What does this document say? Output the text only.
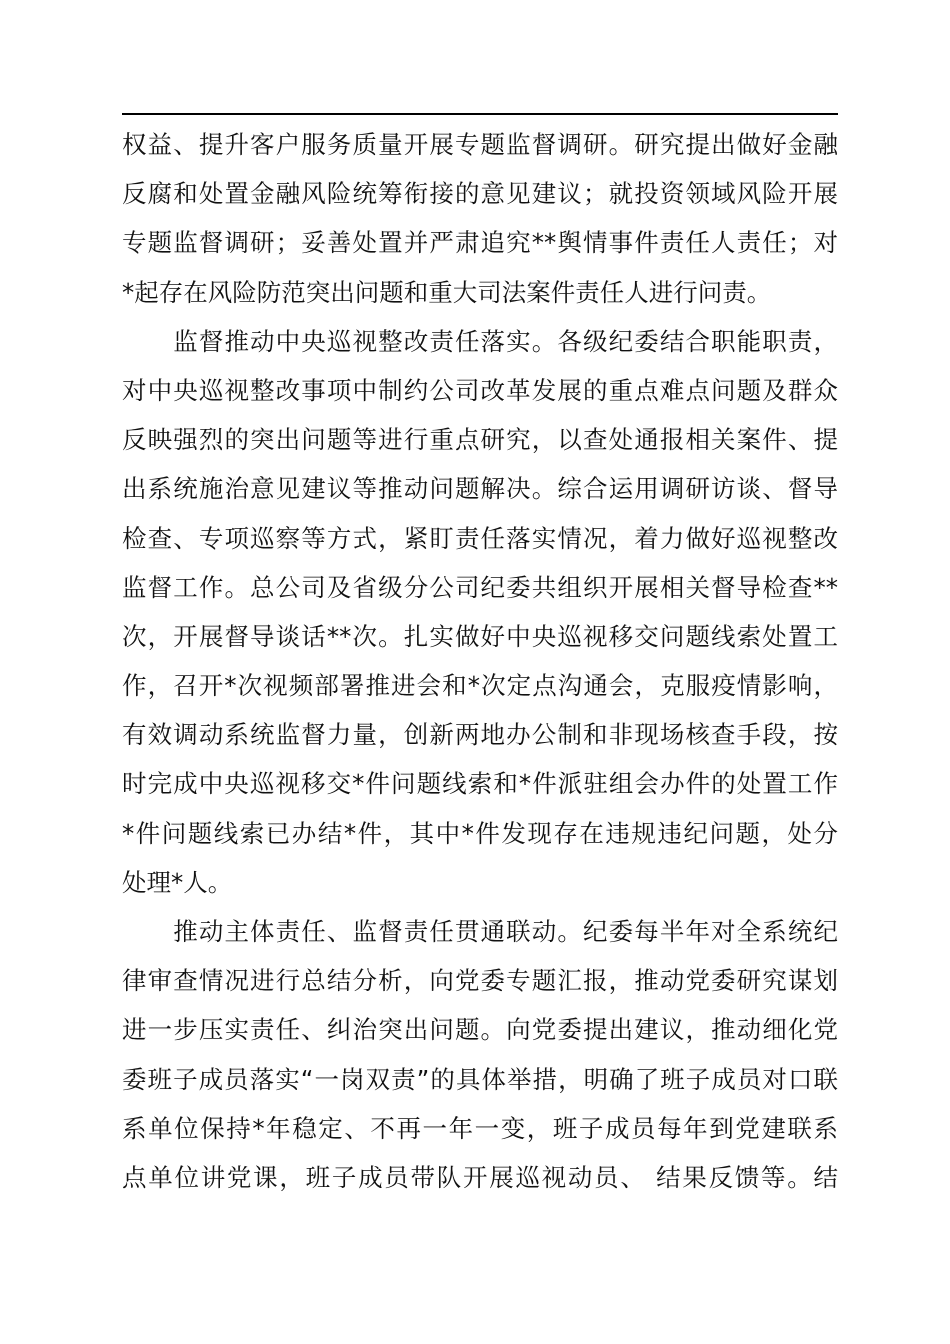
权益、提升客户服务质量开展专题监督调研。研究提出做好金融
反腐和处置金融风险统筹衔接的意见建议；就投资领域风险开展
专题监督调研；妥善处置并严肃追究**舆情事件责任人责任；对
*起存在风险防范突出问题和重大司法案件责任人进行问责。
　　监督推动中央巡视整改责任落实。各级纪委结合职能职责，
对中央巡视整改事项中制约公司改革发展的重点难点问题及群众
反映强烈的突出问题等进行重点研究，以查处通报相关案件、提
出系统施治意见建议等推动问题解决。综合运用调研访谈、督导
检查、专项巡察等方式，紧盯责任落实情况，着力做好巡视整改
监督工作。总公司及省级分公司纪委共组织开展相关督导检查**
次，开展督导谈话**次。扎实做好中央巡视移交问题线索处置工
作，召开*次视频部署推进会和*次定点沟通会，克服疫情影响，
有效调动系统监督力量，创新两地办公制和非现场核查手段，按
时完成中央巡视移交*件问题线索和*件派驻组会办件的处置工作
*件问题线索已办结*件，其中*件发现存在违规违纪问题，处分
处理*人。
　　推动主体责任、监督责任贯通联动。纪委每半年对全系统纪
律审查情况进行总结分析，向党委专题汇报，推动党委研究谋划
进一步压实责任、纠治突出问题。向党委提出建议，推动细化党
委班子成员落实“一岗双责”的具体举措，明确了班子成员对口联
系单位保持*年稳定、不再一年一变，班子成员每年到党建联系
点单位讲党课，班子成员带队开展巡视动员、 结果反馈等。结
